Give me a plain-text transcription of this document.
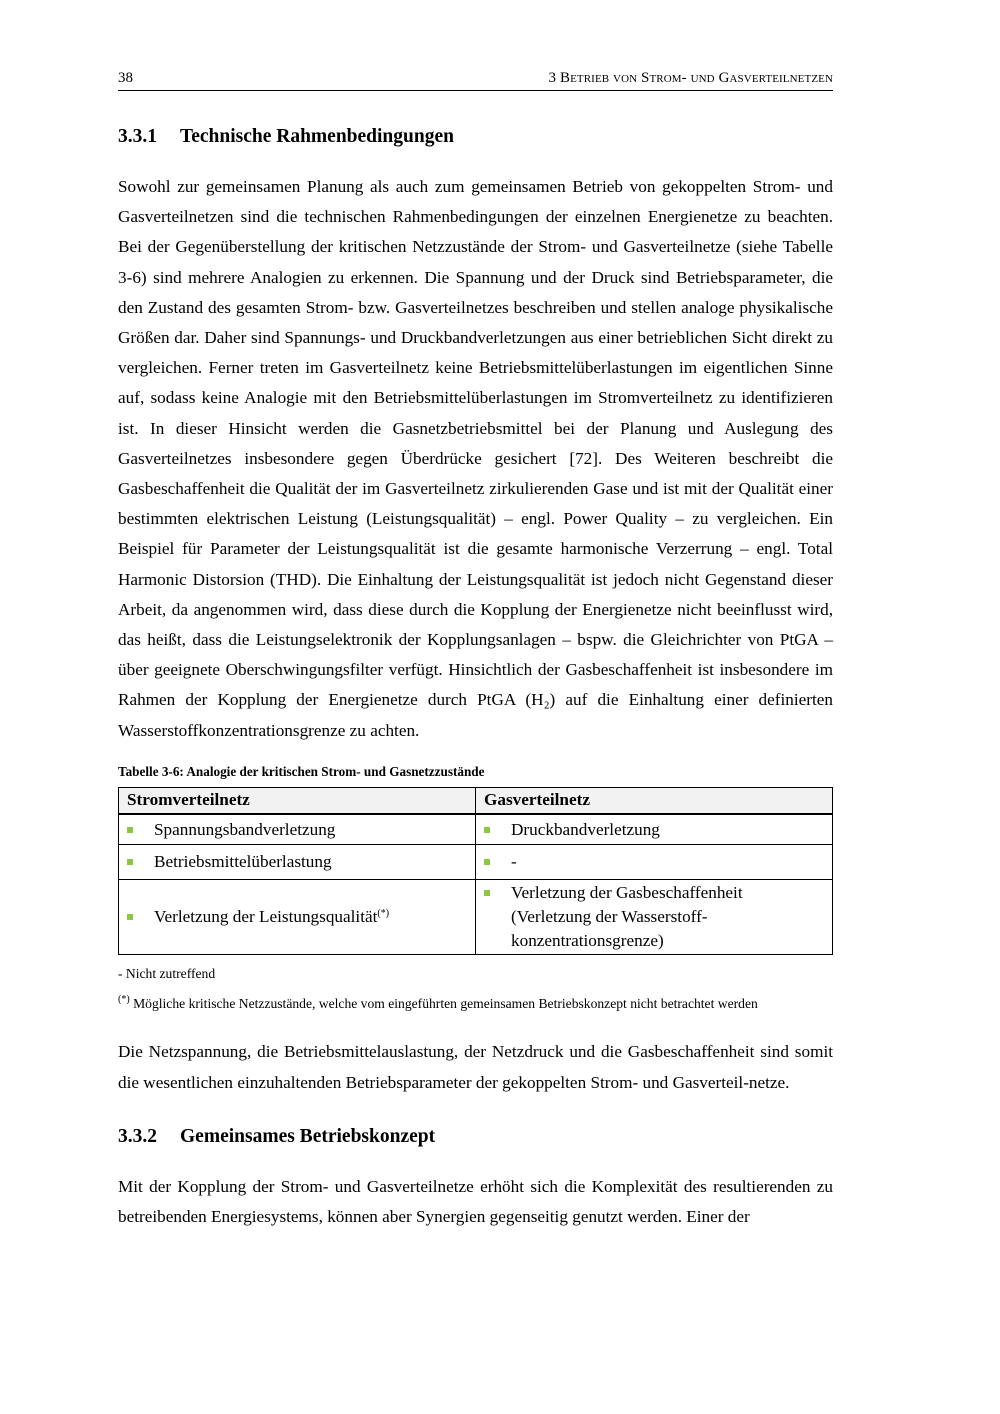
38	3 Betrieb von Strom- und Gasverteilnetzen
3.3.1 Technische Rahmenbedingungen

Sowohl zur gemeinsamen Planung als auch zum gemeinsamen Betrieb von gekoppelten Strom- und Gasverteilnetzen sind die technischen Rahmenbedingungen der einzelnen Energienetze zu beachten. Bei der Gegenüberstellung der kritischen Netzzustände der Strom- und Gasverteilnetze (siehe Tabelle 3-6) sind mehrere Analogien zu erkennen. Die Spannung und der Druck sind Betriebsparameter, die den Zustand des gesamten Strom- bzw. Gasverteilnetzes beschreiben und stellen analoge physikalische Größen dar. Daher sind Spannungs- und Druckbandverletzungen aus einer betrieblichen Sicht direkt zu vergleichen. Ferner treten im Gasverteilnetz keine Betriebsmittelüberlastungen im eigentlichen Sinne auf, sodass keine Analogie mit den Betriebsmittelüberlastungen im Stromverteilnetz zu identifizieren ist. In dieser Hinsicht werden die Gasnetzbetriebsmittel bei der Planung und Auslegung des Gasverteilnetzes insbesondere gegen Überdrücke gesichert [72]. Des Weiteren beschreibt die Gasbeschaffenheit die Qualität der im Gasverteilnetz zirkulierenden Gase und ist mit der Qualität einer bestimmten elektrischen Leistung (Leistungsqualität) – engl. Power Quality – zu vergleichen. Ein Beispiel für Parameter der Leistungsqualität ist die gesamte harmonische Verzerrung – engl. Total Harmonic Distorsion (THD). Die Einhaltung der Leistungsqualität ist jedoch nicht Gegenstand dieser Arbeit, da angenommen wird, dass diese durch die Kopplung der Energienetze nicht beeinflusst wird, das heißt, dass die Leistungselektronik der Kopplungsanlagen – bspw. die Gleichrichter von PtGA – über geeignete Oberschwingungsfilter verfügt. Hinsichtlich der Gasbeschaffenheit ist insbesondere im Rahmen der Kopplung der Energienetze durch PtGA (H₂) auf die Einhaltung einer definierten Wasserstoffkonzentrationsgrenze zu achten.

Tabelle 3-6: Analogie der kritischen Strom- und Gasnetzzustände
Stromverteilnetz	Gasverteilnetz

Spannungsbandverletzung	Druckbandverletzung

Betriebsmittelüberlastung	-

Verletzung der Leistungsqualität(*)	Verletzung der Gasbeschaffenheit (Verletzung der Wasserstoff-konzentrationsgrenze)

- Nicht zutreffend

(*) Mögliche kritische Netzzustände, welche vom eingeführten gemeinsamen Betriebskonzept nicht betrachtet werden

Die Netzspannung, die Betriebsmittelauslastung, der Netzdruck und die Gasbeschaffenheit sind somit die wesentlichen einzuhaltenden Betriebsparameter der gekoppelten Strom- und Gasverteil-netze.

3.3.2 Gemeinsames Betriebskonzept

Mit der Kopplung der Strom- und Gasverteilnetze erhöht sich die Komplexität des resultierenden zu betreibenden Energiesystems, können aber Synergien gegenseitig genutzt werden. Einer der
